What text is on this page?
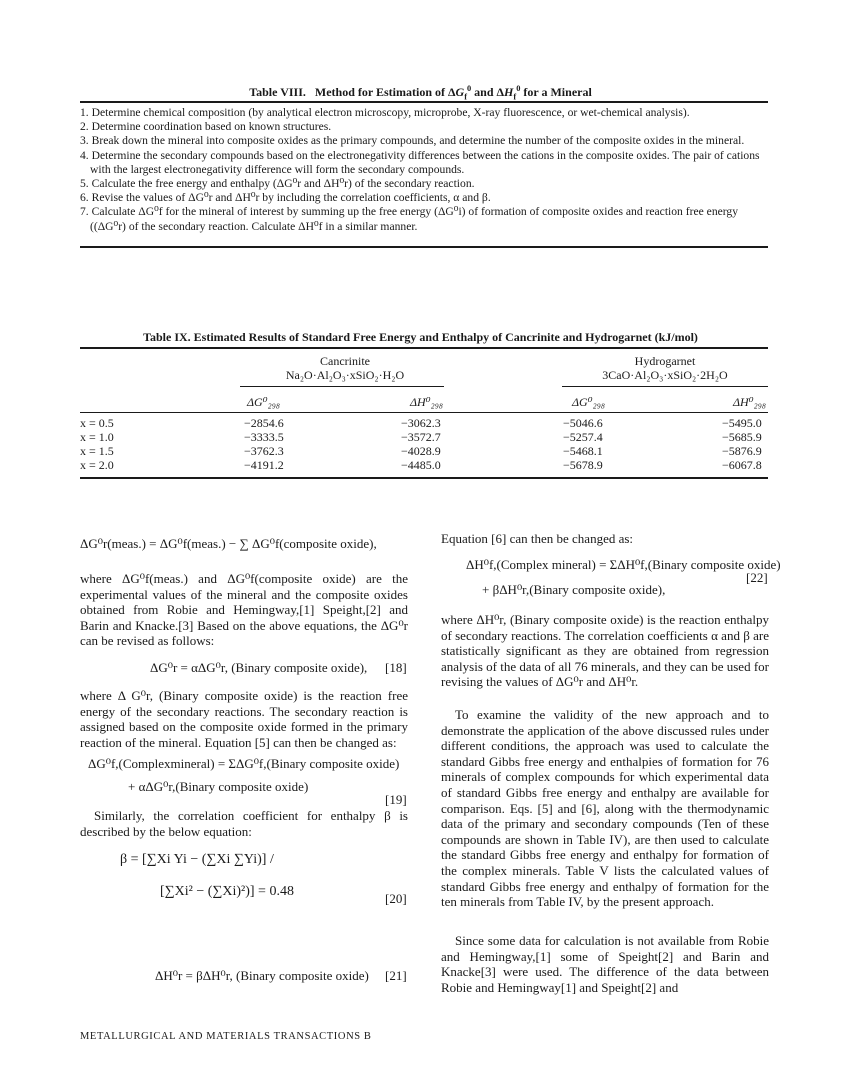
Table VIII.   Method for Estimation of $\Delta G_f^0$ and $\Delta H_f^0$ for a Mineral
1. Determine chemical composition (by analytical electron microscopy, microprobe, X-ray fluorescence, or wet-chemical analysis).
2. Determine coordination based on known structures.
3. Break down the mineral into composite oxides as the primary compounds, and determine the number of the composite oxides in the mineral.
4. Determine the secondary compounds based on the electronegativity differences between the cations in the composite oxides. The pair of cations with the largest electronegativity difference will form the secondary compounds.
5. Calculate the free energy and enthalpy (ΔG⁰r and ΔH⁰r) of the secondary reaction.
6. Revise the values of ΔG⁰r and ΔH⁰r by including the correlation coefficients, α and β.
7. Calculate ΔG⁰f for the mineral of interest by summing up the free energy (ΔG⁰i) of formation of composite oxides and reaction free energy ((ΔG⁰r) of the secondary reaction. Calculate ΔH⁰f in a similar manner.
Table IX. Estimated Results of Standard Free Energy and Enthalpy of Cancrinite and Hydrogarnet (kJ/mol)
Cancrinite
Na₂O·Al₂O₃·xSiO₂·H₂O
Hydrogarnet
3CaO·Al₂O₃·xSiO₂·2H₂O
ΔG⁰₂₉₈	ΔH⁰₂₉₈	ΔG⁰₂₉₈	ΔH⁰₂₉₈
x = 0.5	−2854.6	−3062.3	−5046.6	−5495.0
x = 1.0	−3333.5	−3572.7	−5257.4	−5685.9
x = 1.5	−3762.3	−4028.9	−5468.1	−5876.9
x = 2.0	−4191.2	−4485.0	−5678.9	−6067.8
ΔG⁰r(meas.) = ΔG⁰f(meas.) − ∑ ΔG⁰f(composite oxide),
where ΔG⁰f(meas.) and ΔG⁰f(composite oxide) are the experimental values of the mineral and the composite oxides obtained from Robie and Hemingway,[1] Speight,[2] and Barin and Knacke.[3] Based on the above equations, the ΔG⁰r can be revised as follows:
ΔG⁰r = αΔG⁰r, (Binary composite oxide), [18]
where Δ G⁰r, (Binary composite oxide) is the reaction free energy of the secondary reactions. The secondary reaction is assigned based on the composite oxide formed in the primary reaction of the mineral. Equation [5] can then be changed as:
ΔG⁰f,(Complexmineral) = ΣΔG⁰f,(Binary composite oxide)
+ αΔG⁰r,(Binary composite oxide)
[19]
Similarly, the correlation coefficient for enthalpy β is described by the below equation:
β = [∑Xi Yi − (∑Xi ∑Yi)] /
[∑Xi² − (∑Xi)²)] = 0.48	[20]
ΔH⁰r = βΔH⁰r, (Binary composite oxide) [21]
Equation [6] can then be changed as:
ΔH⁰f,(Complex mineral) = ΣΔH⁰f,(Binary composite oxide)
+ βΔH⁰r,(Binary composite oxide),
[22]
where ΔH⁰r, (Binary composite oxide) is the reaction enthalpy of secondary reactions. The correlation coefficients α and β are statistically significant as they are obtained from regression analysis of the data of all 76 minerals, and they can be used for revising the values of ΔG⁰r and ΔH⁰r.
To examine the validity of the new approach and to demonstrate the application of the above discussed rules under different conditions, the approach was used to calculate the standard Gibbs free energy and enthalpies of formation for 76 minerals of complex compounds for which experimental data of standard Gibbs free energy and enthalpy are available for comparison. Eqs. [5] and [6], along with the thermodynamic data of the primary and secondary compounds (Ten of these compounds are shown in Table IV), are then used to calculate the standard Gibbs free energy and enthalpy for formation of the complex minerals. Table V lists the calculated values of standard Gibbs free energy and enthalpy of formation for the ten minerals from Table IV, by the present approach.
Since some data for calculation is not available from Robie and Hemingway,[1] some of Speight[2] and Barin and Knacke[3] were used. The difference of the data between Robie and Hemingway[1] and Speight[2] and
METALLURGICAL AND MATERIALS TRANSACTIONS B
